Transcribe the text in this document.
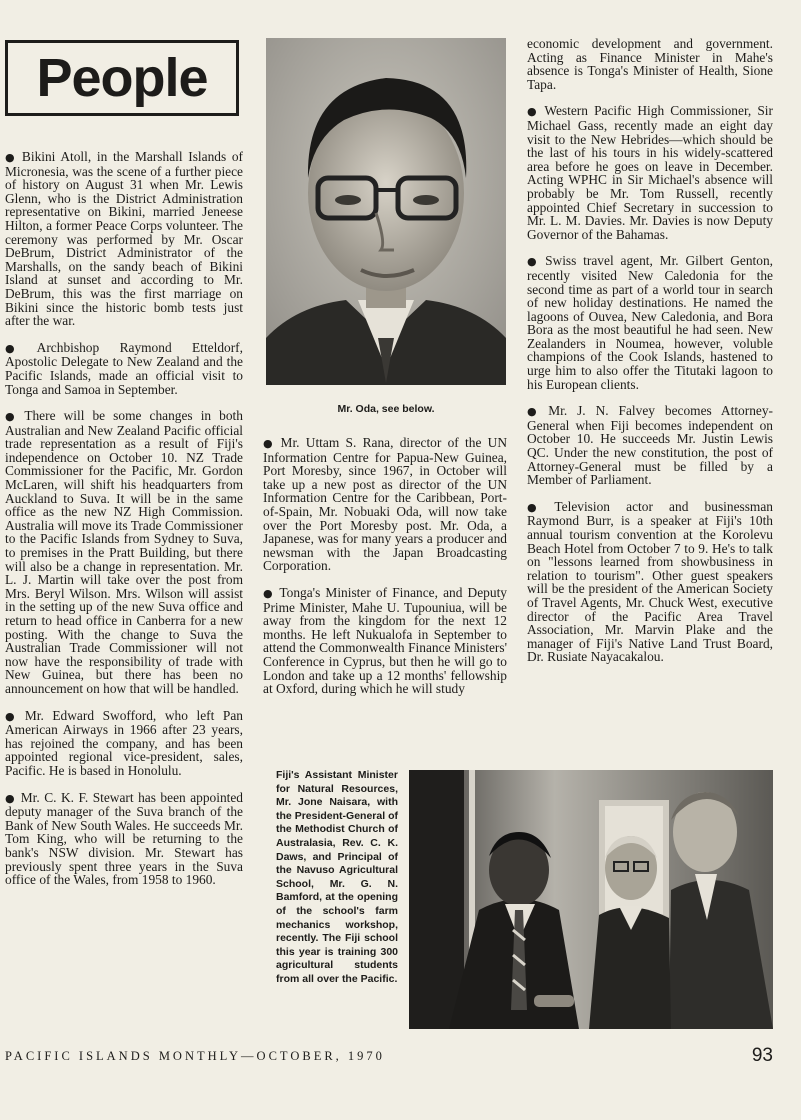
People

● Bikini Atoll, in the Marshall Islands of Micronesia, was the scene of a further piece of history on August 31 when Mr. Lewis Glenn, who is the District Administration representative on Bikini, married Jeneese Hilton, a former Peace Corps volunteer. The ceremony was performed by Mr. Oscar DeBrum, District Administrator of the Marshalls, on the sandy beach of Bikini Island at sunset and according to Mr. DeBrum, this was the first marriage on Bikini since the historic bomb tests just after the war.

● Archbishop Raymond Etteldorf, Apostolic Delegate to New Zealand and the Pacific Islands, made an official visit to Tonga and Samoa in September.

● There will be some changes in both Australian and New Zealand Pacific official trade representation as a result of Fiji's independence on October 10. NZ Trade Commissioner for the Pacific, Mr. Gordon McLaren, will shift his headquarters from Auckland to Suva. It will be in the same office as the new NZ High Commission. Australia will move its Trade Commissioner to the Pacific Islands from Sydney to Suva, to premises in the Pratt Building, but there will also be a change in representation. Mr. L. J. Martin will take over the post from Mrs. Beryl Wilson. Mrs. Wilson will assist in the setting up of the new Suva office and return to head office in Canberra for a new posting. With the change to Suva the Australian Trade Commissioner will not now have the responsibility of trade with New Guinea, but there has been no announcement on how that will be handled.

● Mr. Edward Swofford, who left Pan American Airways in 1966 after 23 years, has rejoined the company, and has been appointed regional vice-president, sales, Pacific. He is based in Honolulu.

● Mr. C. K. F. Stewart has been appointed deputy manager of the Suva branch of the Bank of New South Wales. He succeeds Mr. Tom King, who will be returning to the bank's NSW division. Mr. Stewart has previously spent three years in the Suva office of the Wales, from 1958 to 1960.

Mr. Oda, see below.

● Mr. Uttam S. Rana, director of the UN Information Centre for Papua-New Guinea, Port Moresby, since 1967, in October will take up a new post as director of the UN Information Centre for the Caribbean, Port-of-Spain, Mr. Nobuaki Oda, will now take over the Port Moresby post. Mr. Oda, a Japanese, was for many years a producer and newsman with the Japan Broadcasting Corporation.

● Tonga's Minister of Finance, and Deputy Prime Minister, Mahe U. Tupouniua, will be away from the kingdom for the next 12 months. He left Nukualofa in September to attend the Commonwealth Finance Ministers' Conference in Cyprus, but then he will go to London and take up a 12 months' fellowship at Oxford, during which he will study

economic development and government. Acting as Finance Minister in Mahe's absence is Tonga's Minister of Health, Sione Tapa.

● Western Pacific High Commissioner, Sir Michael Gass, recently made an eight day visit to the New Hebrides—which should be the last of his tours in his widely-scattered area before he goes on leave in December. Acting WPHC in Sir Michael's absence will probably be Mr. Tom Russell, recently appointed Chief Secretary in succession to Mr. L. M. Davies. Mr. Davies is now Deputy Governor of the Bahamas.

● Swiss travel agent, Mr. Gilbert Genton, recently visited New Caledonia for the second time as part of a world tour in search of new holiday destinations. He named the lagoons of Ouvea, New Caledonia, and Bora Bora as the most beautiful he had seen. New Zealanders in Noumea, however, voluble champions of the Cook Islands, hastened to urge him to also offer the Titutaki lagoon to his European clients.

● Mr. J. N. Falvey becomes Attorney-General when Fiji becomes independent on October 10. He succeeds Mr. Justin Lewis QC. Under the new constitution, the post of Attorney-General must be filled by a Member of Parliament.

● Television actor and businessman Raymond Burr, is a speaker at Fiji's 10th annual tourism convention at the Korolevu Beach Hotel from October 7 to 9. He's to talk on "lessons learned from showbusiness in relation to tourism". Other guest speakers will be the president of the American Society of Travel Agents, Mr. Chuck West, executive director of the Pacific Area Travel Association, Mr. Marvin Plake and the manager of Fiji's Native Land Trust Board, Dr. Rusiate Nayacakalou.

Fiji's Assistant Minister for Natural Resources, Mr. Jone Naisara, with the President-General of the Methodist Church of Australasia, Rev. C. K. Daws, and Principal of the Navuso Agricultural School, Mr. G. N. Bamford, at the opening of the school's farm mechanics workshop, recently. The Fiji school this year is training 300 agricultural students from all over the Pacific.
PACIFIC ISLANDS MONTHLY—OCTOBER, 1970	93
